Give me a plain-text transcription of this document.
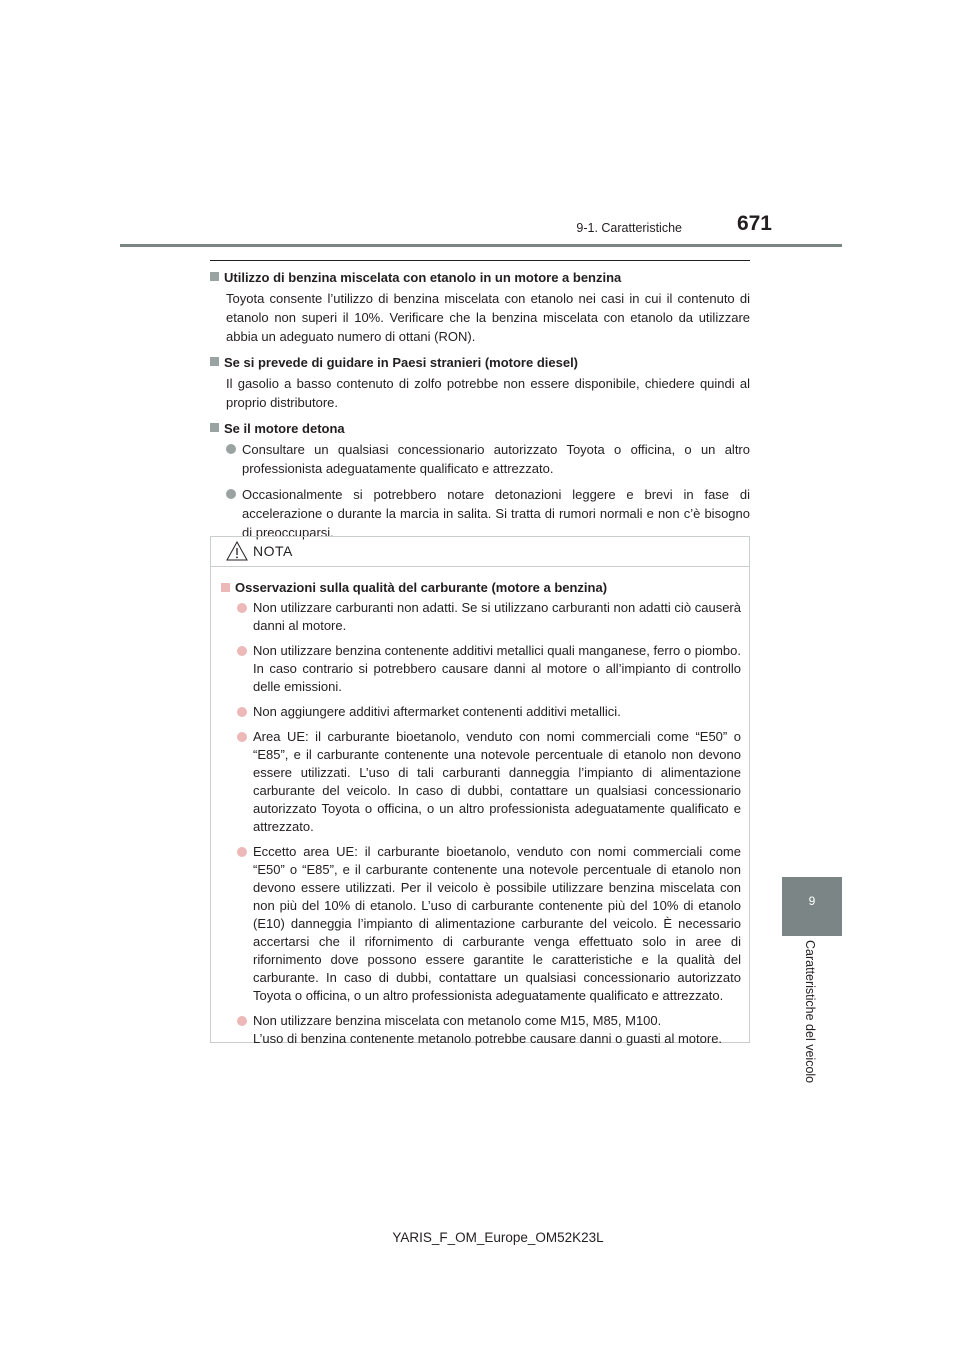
9-1. Caratteristiche	671
9
Caratteristiche del veicolo

Utilizzo di benzina miscelata con etanolo in un motore a benzina

Toyota consente l’utilizzo di benzina miscelata con etanolo nei casi in cui il contenuto di etanolo non superi il 10%. Verificare che la benzina miscelata con etanolo da utilizzare abbia un adeguato numero di ottani (RON).

Se si prevede di guidare in Paesi stranieri (motore diesel)

Il gasolio a basso contenuto di zolfo potrebbe non essere disponibile, chiedere quindi al proprio distributore.

Se il motore detona

Consultare un qualsiasi concessionario autorizzato Toyota o officina, o un altro professionista adeguatamente qualificato e attrezzato.
Occasionalmente si potrebbero notare detonazioni leggere e brevi in fase di accelerazione o durante la marcia in salita. Si tratta di rumori normali e non c’è bisogno di preoccuparsi.
NOTA

Osservazioni sulla qualità del carburante (motore a benzina)

Non utilizzare carburanti non adatti. Se si utilizzano carburanti non adatti ciò causerà danni al motore.
Non utilizzare benzina contenente additivi metallici quali manganese, ferro o piombo. In caso contrario si potrebbero causare danni al motore o all’impianto di controllo delle emissioni.
Non aggiungere additivi aftermarket contenenti additivi metallici.
Area UE: il carburante bioetanolo, venduto con nomi commerciali come “E50” o “E85”, e il carburante contenente una notevole percentuale di etanolo non devono essere utilizzati. L’uso di tali carburanti danneggia l’impianto di alimentazione carburante del veicolo. In caso di dubbi, contattare un qualsiasi concessionario autorizzato Toyota o officina, o un altro professionista adeguatamente qualificato e attrezzato.
Eccetto area UE: il carburante bioetanolo, venduto con nomi commerciali come “E50” o “E85”, e il carburante contenente una notevole percentuale di etanolo non devono essere utilizzati. Per il veicolo è possibile utilizzare benzina miscelata con non più del 10% di etanolo. L’uso di carburante contenente più del 10% di etanolo (E10) danneggia l’impianto di alimentazione carburante del veicolo. È necessario accertarsi che il rifornimento di carburante venga effettuato solo in aree di rifornimento dove possono essere garantite le caratteristiche e la qualità del carburante. In caso di dubbi, contattare un qualsiasi concessionario autorizzato Toyota o officina, o un altro professionista adeguatamente qualificato e attrezzato.
Non utilizzare benzina miscelata con metanolo come M15, M85, M100.
L’uso di benzina contenente metanolo potrebbe causare danni o guasti al motore.
YARIS_F_OM_Europe_OM52K23L
